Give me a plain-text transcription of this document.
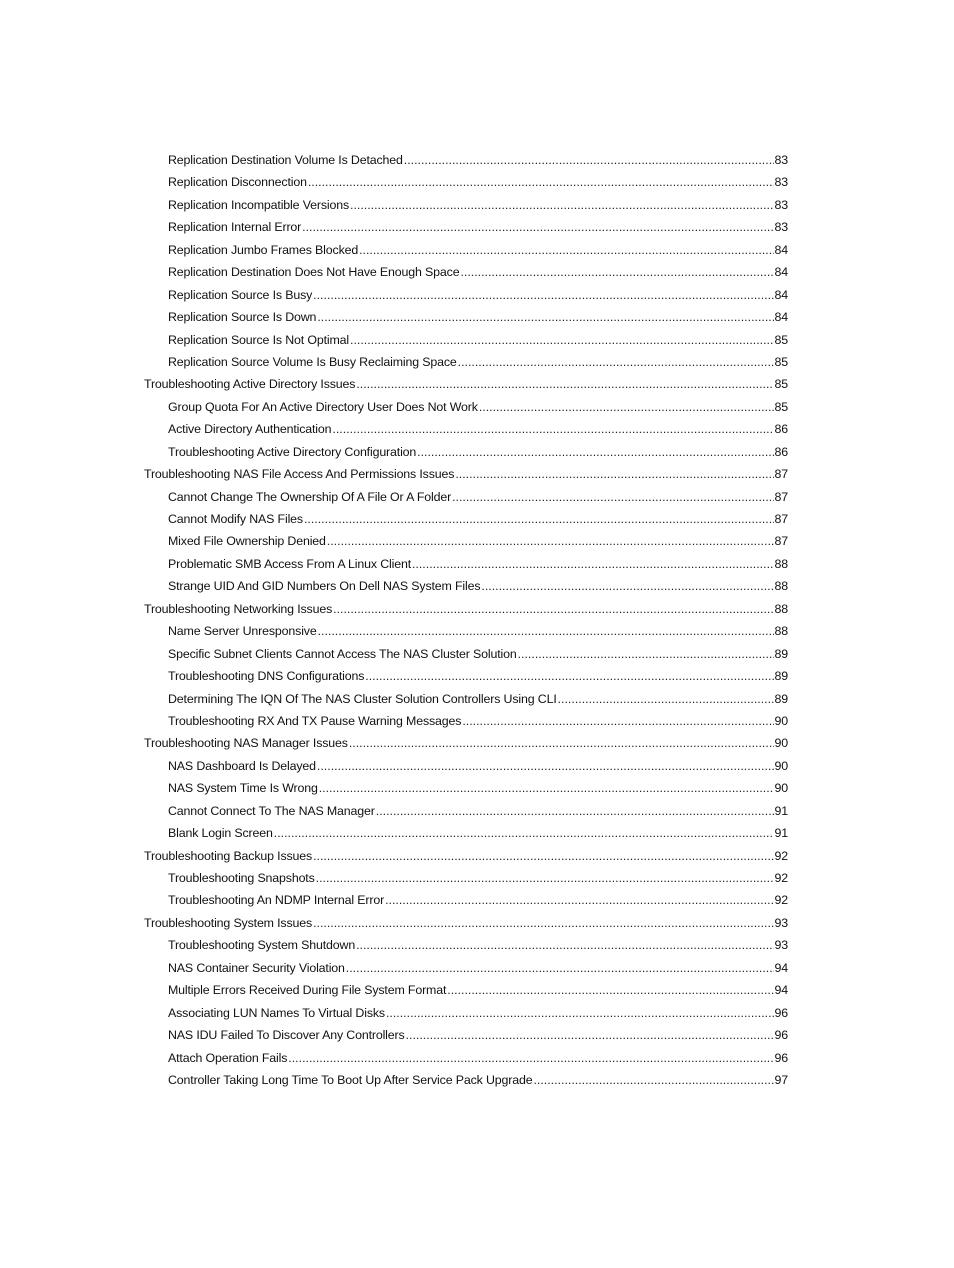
Replication Destination Volume Is Detached .....	83
Replication Disconnection .....	83
Replication Incompatible Versions .....	83
Replication Internal Error .....	83
Replication Jumbo Frames Blocked .....	84
Replication Destination Does Not Have Enough Space .....	84
Replication Source Is Busy .....	84
Replication Source Is Down .....	84
Replication Source Is Not Optimal .....	85
Replication Source Volume Is Busy Reclaiming Space .....	85
Troubleshooting Active Directory Issues .....	85
Group Quota For An Active Directory User Does Not Work .....	85
Active Directory Authentication .....	86
Troubleshooting Active Directory Configuration .....	86
Troubleshooting NAS File Access And Permissions Issues .....	87
Cannot Change The Ownership Of A File Or A Folder .....	87
Cannot Modify NAS Files .....	87
Mixed File Ownership Denied .....	87
Problematic SMB Access From A Linux Client .....	88
Strange UID And GID Numbers On Dell NAS System Files .....	88
Troubleshooting Networking Issues .....	88
Name Server Unresponsive .....	88
Specific Subnet Clients Cannot Access The NAS Cluster Solution .....	89
Troubleshooting DNS Configurations .....	89
Determining The IQN Of The NAS Cluster Solution Controllers Using CLI .....	89
Troubleshooting RX And TX Pause Warning Messages .....	90
Troubleshooting NAS Manager Issues .....	90
NAS Dashboard Is Delayed .....	90
NAS System Time Is Wrong .....	90
Cannot Connect To The NAS Manager .....	91
Blank Login Screen .....	91
Troubleshooting Backup Issues .....	92
Troubleshooting Snapshots .....	92
Troubleshooting An NDMP Internal Error .....	92
Troubleshooting System Issues .....	93
Troubleshooting System Shutdown .....	93
NAS Container Security Violation .....	94
Multiple Errors Received During File System Format .....	94
Associating LUN Names To Virtual Disks .....	96
NAS IDU Failed To Discover Any Controllers .....	96
Attach Operation Fails .....	96
Controller Taking Long Time To Boot Up After Service Pack Upgrade .....	97
